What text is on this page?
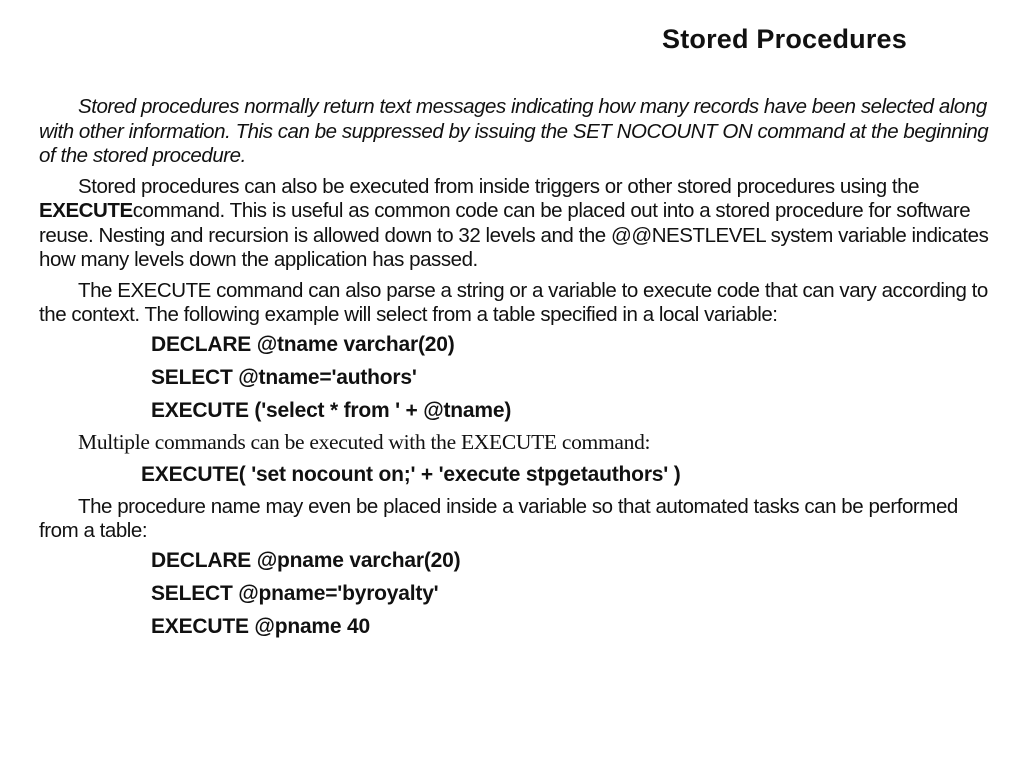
Stored Procedures

Stored procedures normally return text messages indicating how many records have been selected along with other information. This can be suppressed by issuing the SET NOCOUNT ON command at the beginning of the stored procedure.

Stored procedures can also be executed from inside triggers or other stored procedures using the EXECUTEcommand. This is useful as common code can be placed out into a stored procedure for software reuse. Nesting and recursion is allowed down to 32 levels and the @@NESTLEVEL system variable indicates how many levels down the application has passed.

The EXECUTE command can also parse a string or a variable to execute code that can vary according to the context. The following example will select from a table specified in a local variable:

DECLARE @tname varchar(20)
SELECT @tname='authors'
EXECUTE ('select * from ' + @tname)
Multiple commands can be executed with the EXECUTE command:
EXECUTE( 'set nocount on;' + 'execute stpgetauthors' )

The procedure name may even be placed inside a variable so that automated tasks can be performed from a table:

DECLARE @pname varchar(20)
SELECT @pname='byroyalty'
EXECUTE @pname 40
